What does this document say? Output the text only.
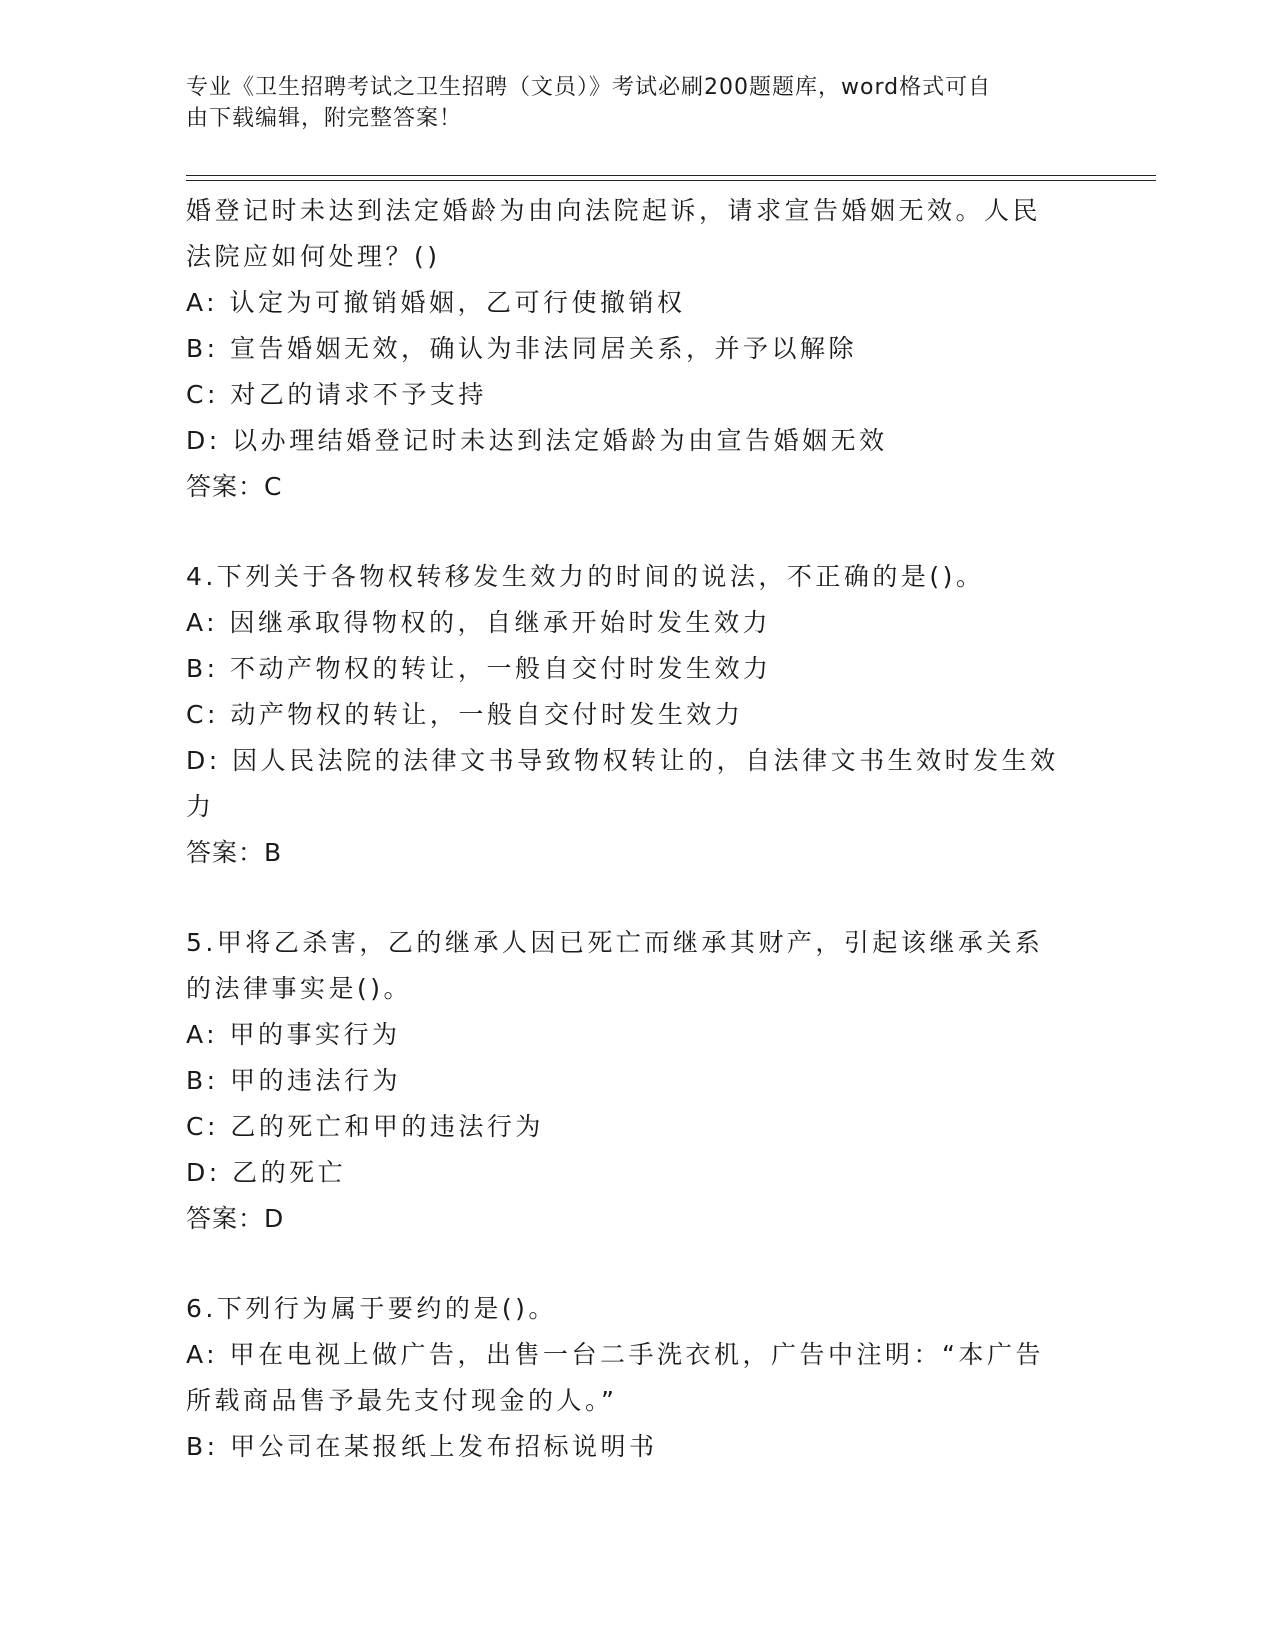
专业《卫生招聘考试之卫生招聘（文员）》考试必刷200题题库，word格式可自
由下载编辑，附完整答案！

婚登记时未达到法定婚龄为由向法院起诉，请求宣告婚姻无效。人民

法院应如何处理？()

A: 认定为可撤销婚姻，乙可行使撤销权

B: 宣告婚姻无效，确认为非法同居关系，并予以解除

C: 对乙的请求不予支持

D: 以办理结婚登记时未达到法定婚龄为由宣告婚姻无效

答案：C

4.下列关于各物权转移发生效力的时间的说法，不正确的是()。

A: 因继承取得物权的，自继承开始时发生效力

B: 不动产物权的转让，一般自交付时发生效力

C: 动产物权的转让，一般自交付时发生效力

D: 因人民法院的法律文书导致物权转让的，自法律文书生效时发生效

力

答案：B

5.甲将乙杀害，乙的继承人因已死亡而继承其财产，引起该继承关系

的法律事实是()。

A: 甲的事实行为

B: 甲的违法行为

C: 乙的死亡和甲的违法行为

D: 乙的死亡

答案：D

6.下列行为属于要约的是()。

A: 甲在电视上做广告，出售一台二手洗衣机，广告中注明：“本广告

所载商品售予最先支付现金的人。”

B: 甲公司在某报纸上发布招标说明书
